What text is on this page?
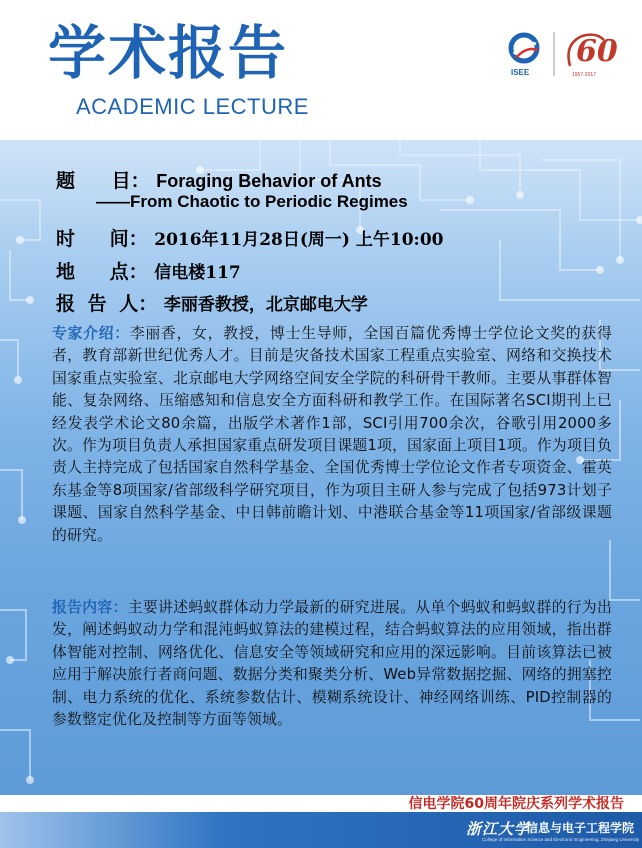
学术报告

ACADEMIC LECTURE

ISEE
60
1957-2017
题 目： Foraging Behavior of Ants
——From Chaotic to Periodic Regimes
时 间： 2016年11月28日(周一) 上午10:00
地 点： 信电楼117
报 告 人： 李丽香教授，北京邮电大学

专家介绍：李丽香，女，教授，博士生导师，全国百篇优秀博士学位论文奖的获得者，教育部新世纪优秀人才。目前是灾备技术国家工程重点实验室、网络和交换技术国家重点实验室、北京邮电大学网络空间安全学院的科研骨干教师。主要从事群体智能、复杂网络、压缩感知和信息安全方面科研和教学工作。在国际著名SCI期刊上已经发表学术论文80余篇，出版学术著作1部，SCI引用700余次，谷歌引用2000多次。作为项目负责人承担国家重点研发项目课题1项，国家面上项目1项。作为项目负责人主持完成了包括国家自然科学基金、全国优秀博士学位论文作者专项资金、霍英东基金等8项国家/省部级科学研究项目，作为项目主研人参与完成了包括973计划子课题、国家自然科学基金、中日韩前瞻计划、中港联合基金等11项国家/省部级课题的研究。

报告内容：主要讲述蚂蚁群体动力学最新的研究进展。从单个蚂蚁和蚂蚁群的行为出发，阐述蚂蚁动力学和混沌蚂蚁算法的建模过程，结合蚂蚁算法的应用领域，指出群体智能对控制、网络优化、信息安全等领域研究和应用的深远影响。目前该算法已被应用于解决旅行者商问题、数据分类和聚类分析、Web异常数据挖掘、网络的拥塞控制、电力系统的优化、系统参数估计、模糊系统设计、神经网络训练、PID控制器的参数整定优化及控制等方面等领域。

信电学院60周年院庆系列学术报告

浙江大学
信息与电子工程学院
College of Information Science and Electronic Engineering, Zhejiang University
